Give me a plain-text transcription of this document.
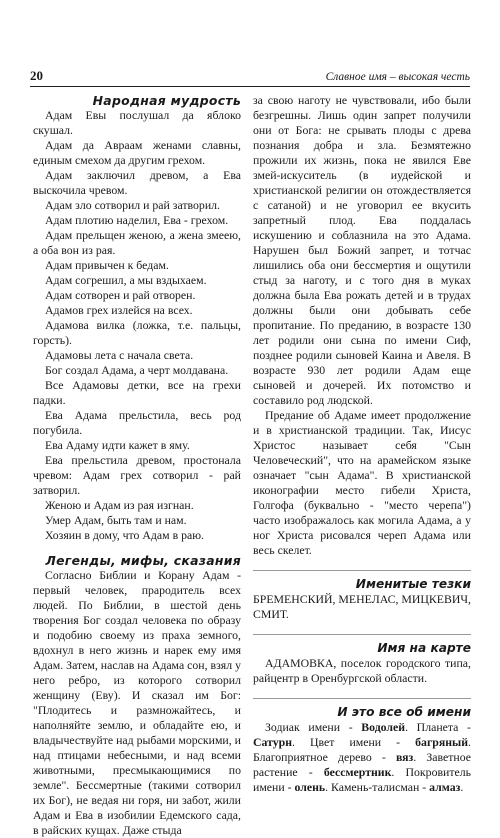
20	Славное имя – высокая честь

Народная мудрость

Адам Евы послушал да яблоко скушал.

Адам да Авраам женами славны, единым смехом да другим грехом.

Адам заключил древом, а Ева выскочила чревом.

Адам зло сотворил и рай затворил.

Адам плотию наделил, Ева - грехом.

Адам прельщен женою, а жена змеею, а оба вон из рая.

Адам привычен к бедам.

Адам согрешил, а мы вздыхаем.

Адам сотворен и рай отворен.

Адамов грех излейся на всех.

Адамова вилка (ложка, т.е. пальцы, горсть).

Адамовы лета с начала света.

Бог создал Адама, а черт молдавана.

Все Адамовы детки, все на грехи падки.

Ева Адама прельстила, весь род погубила.

Ева Адаму идти кажет в яму.

Ева прельстила древом, простонала чревом: Адам грех сотворил - рай затворил.

Женою и Адам из рая изгнан.

Умер Адам, быть там и нам.

Хозяин в дому, что Адам в раю.

Легенды, мифы, сказания

Согласно Библии и Корану Адам - первый человек, прародитель всех людей. По Библии, в шестой день творения Бог создал человека по образу и подобию своему из праха земного, вдохнул в него жизнь и нарек ему имя Адам. Затем, наслав на Адама сон, взял у него ребро, из которого сотворил женщину (Еву). И сказал им Бог: "Плодитесь и размножайтесь, и наполняйте землю, и обладайте ею, и владычествуйте над рыбами морскими, и над птицами небесными, и над всеми животными, пресмыкающимися по земле". Бессмертные (такими сотворил их Бог), не ведая ни горя, ни забот, жили Адам и Ева в изобилии Едемского сада, в райских кущах. Даже стыда

за свою наготу не чувствовали, ибо были безгрешны. Лишь один запрет получили они от Бога: не срывать плоды с древа познания добра и зла. Безмятежно прожили их жизнь, пока не явился Еве змей-искуситель (в иудейской и христианской религии он отождествляется с сатаной) и не уговорил ее вкусить запретный плод. Ева поддалась искушению и соблазнила на это Адама. Нарушен был Божий запрет, и тотчас лишились оба они бессмертия и ощутили стыд за наготу, и с того дня в муках должна была Ева рожать детей и в трудах должны были они добывать себе пропитание. По преданию, в возрасте 130 лет родили они сына по имени Сиф, позднее родили сыновей Каина и Авеля. В возрасте 930 лет родили Адам еще сыновей и дочерей. Их потомство и составило род людской.

Предание об Адаме имеет продолжение и в христианской традиции. Так, Иисус Христос называет себя "Сын Человеческий", что на арамейском языке означает "сын Адама". В христианской иконографии место гибели Христа, Голгофа (буквально - "место черепа") часто изображалось как могила Адама, а у ног Христа рисовался череп Адама или весь скелет.

Именитые тезки

БРЕМЕНСКИЙ, МЕНЕЛАС, МИЦКЕВИЧ, СМИТ.

Имя на карте

АДАМОВКА, поселок городского типа, райцентр в Оренбургской области.

И это все об имени

Зодиак имени - Водолей. Планета - Сатурн. Цвет имени - багряный. Благоприятное дерево - вяз. Заветное растение - бессмертник. Покровитель имени - олень. Камень-талисман - алмаз.
